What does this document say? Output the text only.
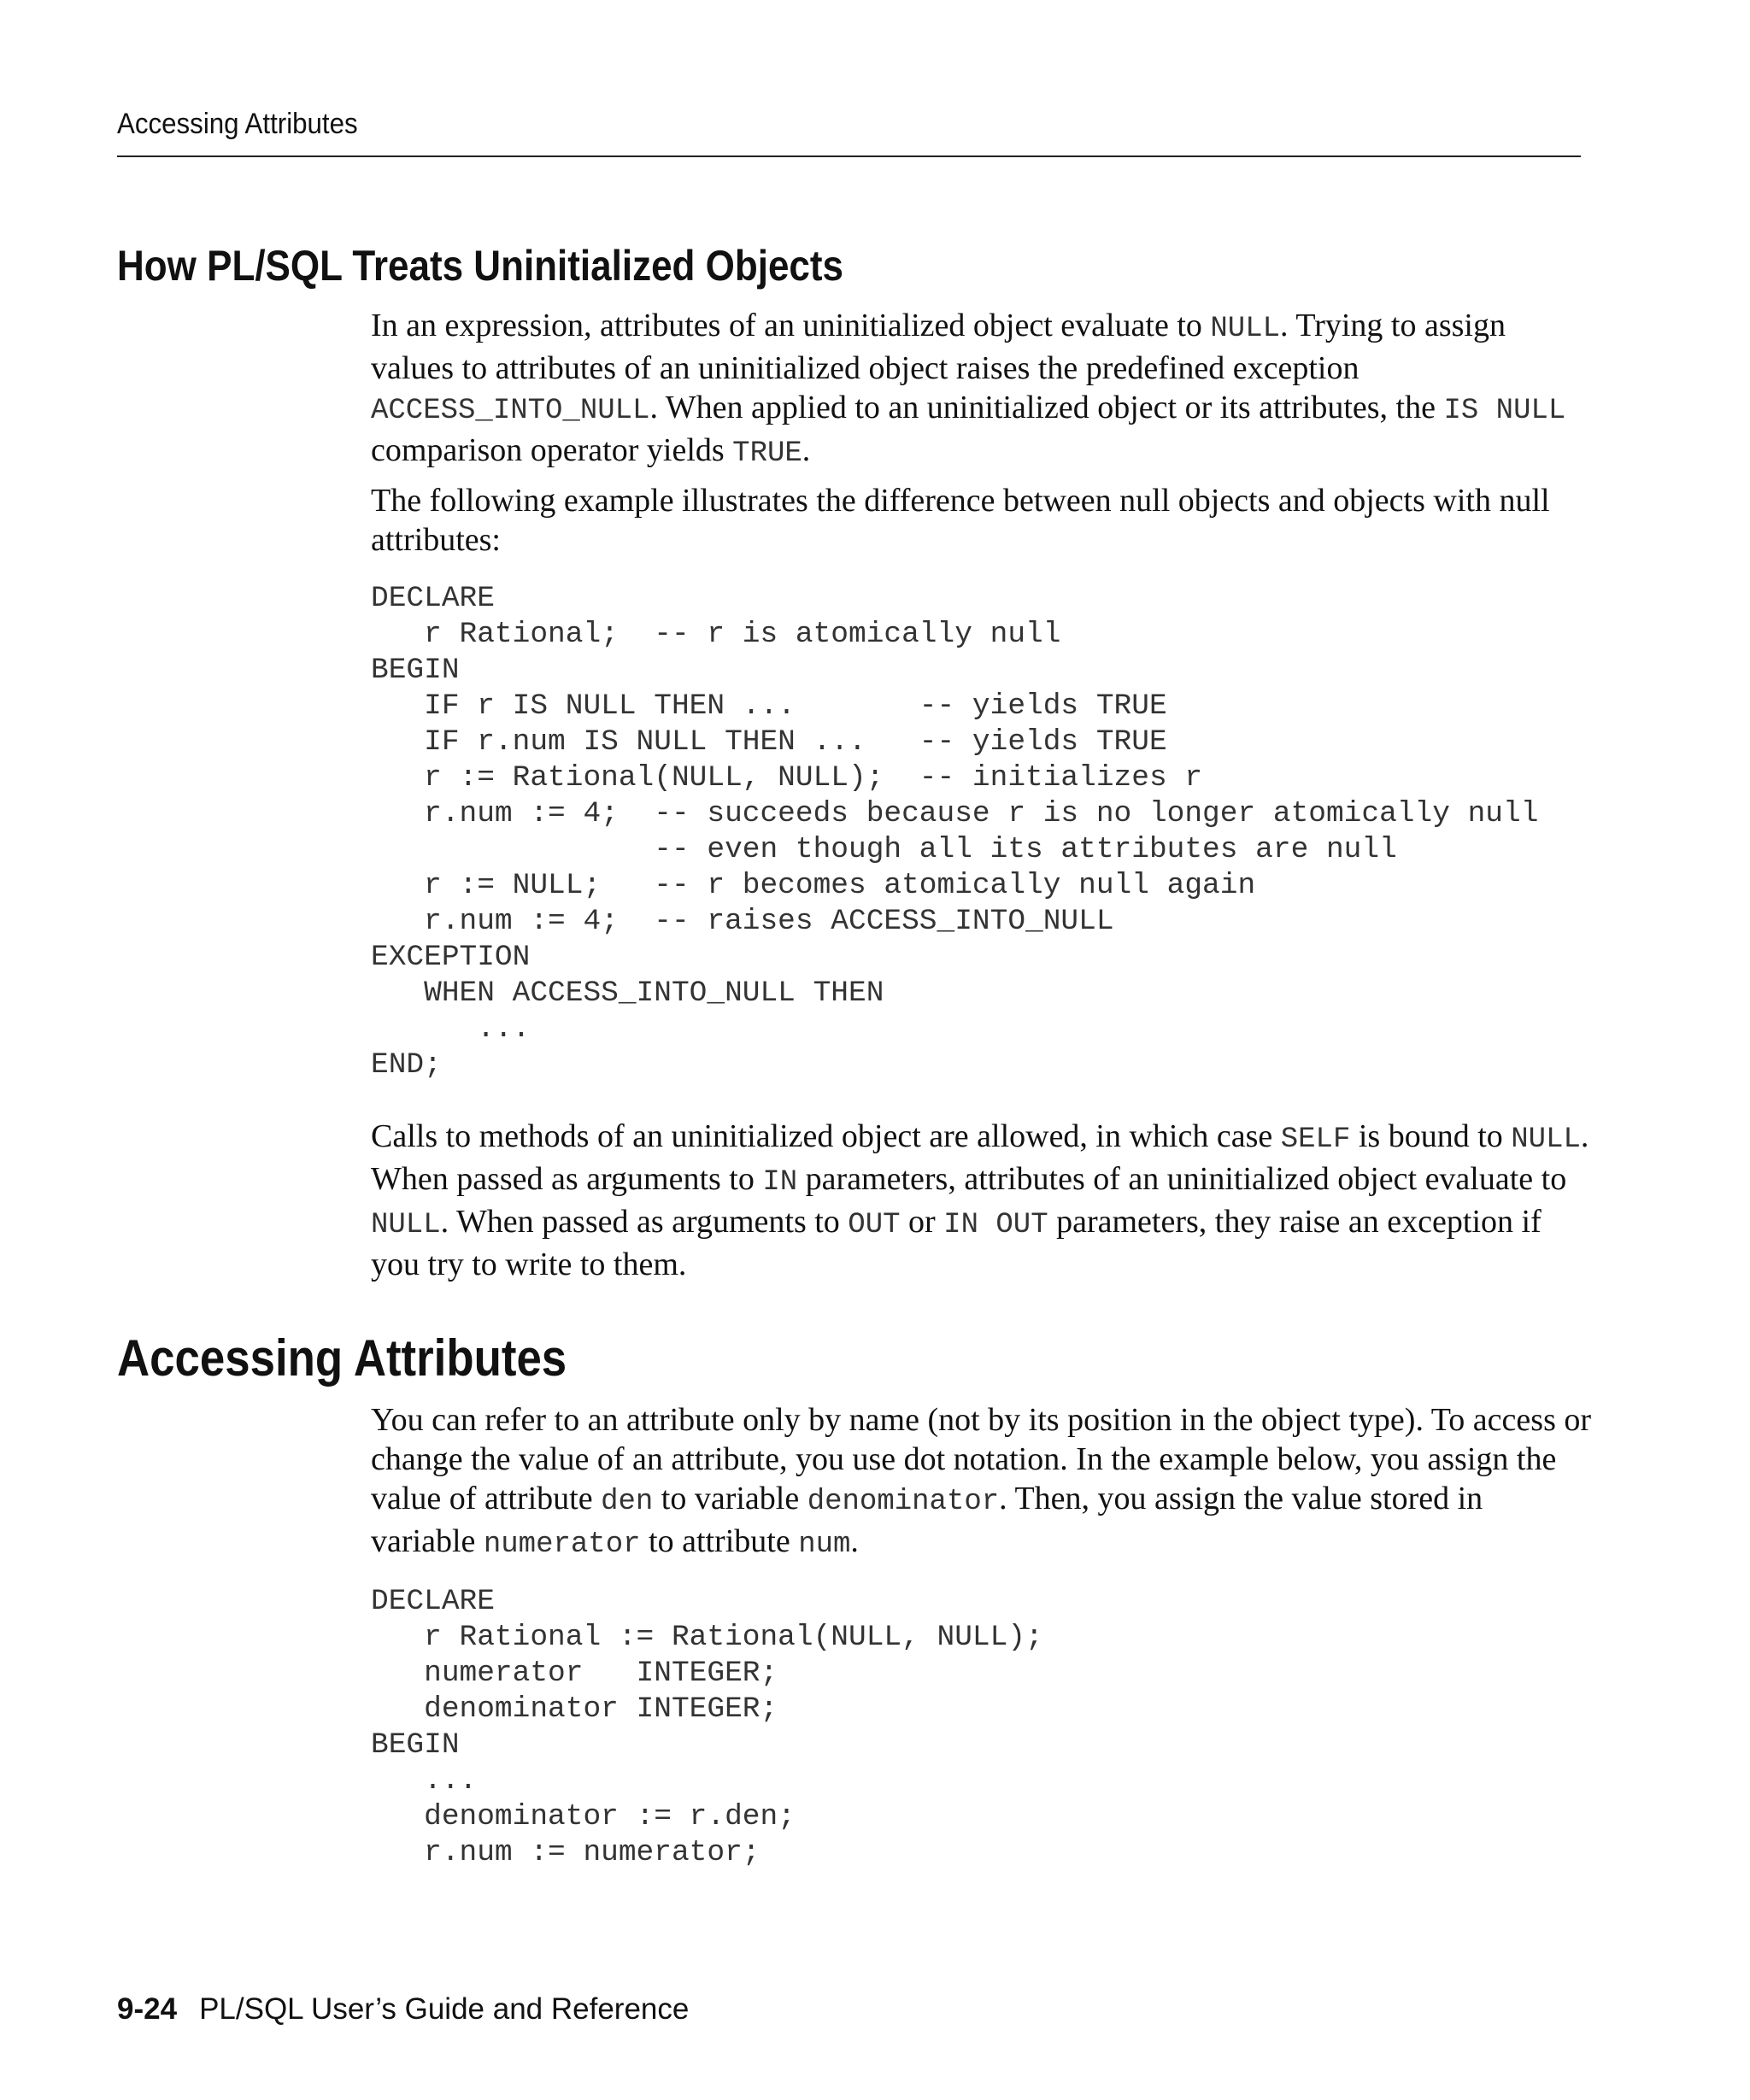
Accessing Attributes
How PL/SQL Treats Uninitialized Objects

In an expression, attributes of an uninitialized object evaluate to NULL. Trying to assign values to attributes of an uninitialized object raises the predefined exception ACCESS_INTO_NULL. When applied to an uninitialized object or its attributes, the IS NULL comparison operator yields TRUE.

The following example illustrates the difference between null objects and objects with null attributes:

DECLARE
r Rational;  -- r is atomically null
BEGIN
IF r IS NULL THEN ...       -- yields TRUE
IF r.num IS NULL THEN ...   -- yields TRUE
r := Rational(NULL, NULL);  -- initializes r
r.num := 4;  -- succeeds because r is no longer atomically null
-- even though all its attributes are null
r := NULL;   -- r becomes atomically null again
r.num := 4;  -- raises ACCESS_INTO_NULL
EXCEPTION
WHEN ACCESS_INTO_NULL THEN
...
END;

Calls to methods of an uninitialized object are allowed, in which case SELF is bound to NULL. When passed as arguments to IN parameters, attributes of an uninitialized object evaluate to NULL. When passed as arguments to OUT or IN OUT parameters, they raise an exception if you try to write to them.

Accessing Attributes

You can refer to an attribute only by name (not by its position in the object type). To access or change the value of an attribute, you use dot notation. In the example below, you assign the value of attribute den to variable denominator. Then, you assign the value stored in variable numerator to attribute num.

DECLARE
r Rational := Rational(NULL, NULL);
numerator   INTEGER;
denominator INTEGER;
BEGIN
...
denominator := r.den;
r.num := numerator;
9-24 PL/SQL User’s Guide and Reference
